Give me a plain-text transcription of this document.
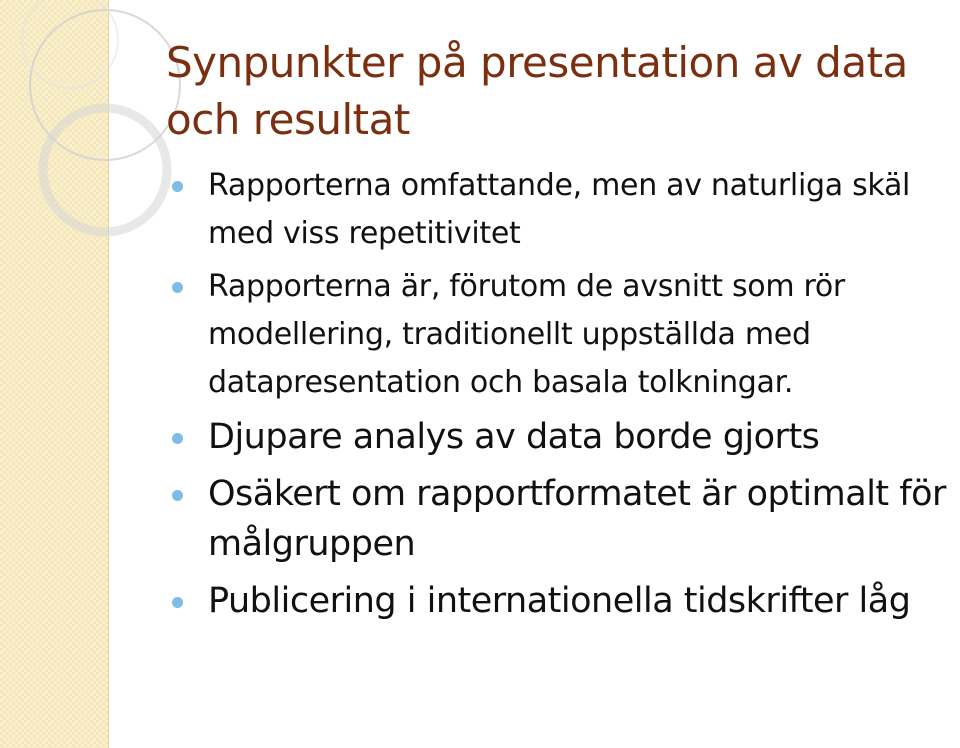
Synpunkter på presentation av data och resultat
Rapporterna omfattande, men av naturliga skäl med viss repetitivitet
Rapporterna är, förutom de avsnitt som rör modellering, traditionellt uppställda med datapresentation och basala tolkningar.
Djupare analys av data borde gjorts
Osäkert om rapportformatet är optimalt för målgruppen
Publicering i internationella tidskrifter låg
